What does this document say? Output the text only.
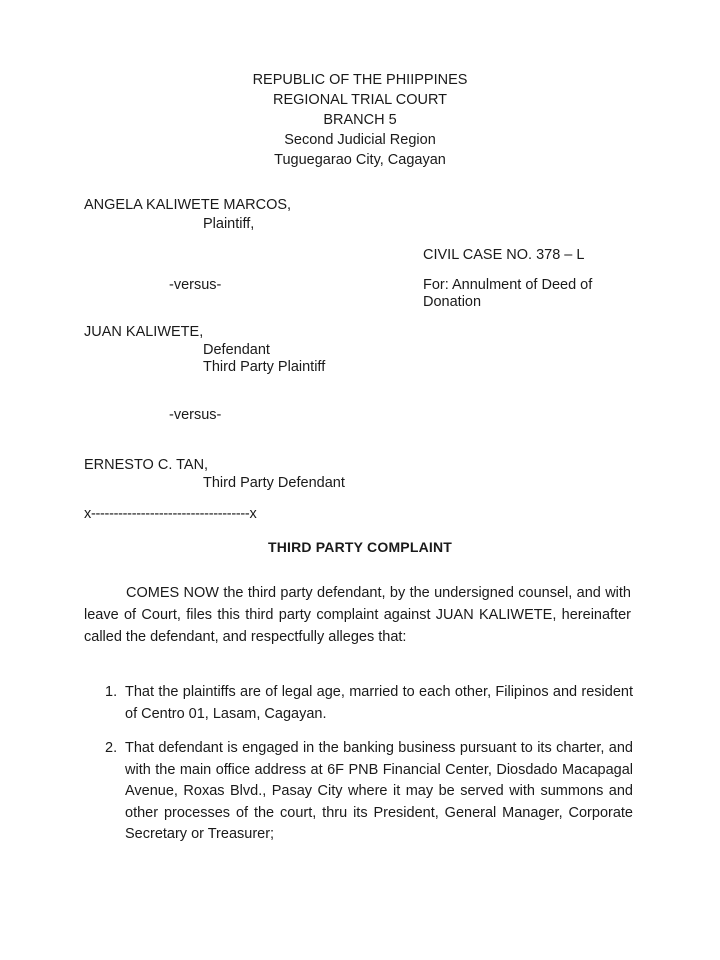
REPUBLIC OF THE PHIIPPINES
REGIONAL TRIAL COURT
BRANCH 5
Second Judicial Region
Tuguegarao City, Cagayan
ANGELA KALIWETE MARCOS,
Plaintiff,
CIVIL CASE NO. 378 – L
-versus-	For: Annulment of Deed of
Donation
JUAN KALIWETE,
Defendant
Third Party Plaintiff
-versus-
ERNESTO C. TAN,
Third Party Defendant
x-----------------------------------x
THIRD PARTY COMPLAINT
COMES NOW the third party defendant, by the undersigned counsel, and with leave of Court, files this third party complaint against JUAN KALIWETE, hereinafter called the defendant, and respectfully alleges that:
1. That the plaintiffs are of legal age, married to each other, Filipinos and resident of Centro 01, Lasam, Cagayan.
2. That defendant is engaged in the banking business pursuant to its charter, and with the main office address at 6F PNB Financial Center, Diosdado Macapagal Avenue, Roxas Blvd., Pasay City where it may be served with summons and other processes of the court, thru its President, General Manager, Corporate Secretary or Treasurer;
